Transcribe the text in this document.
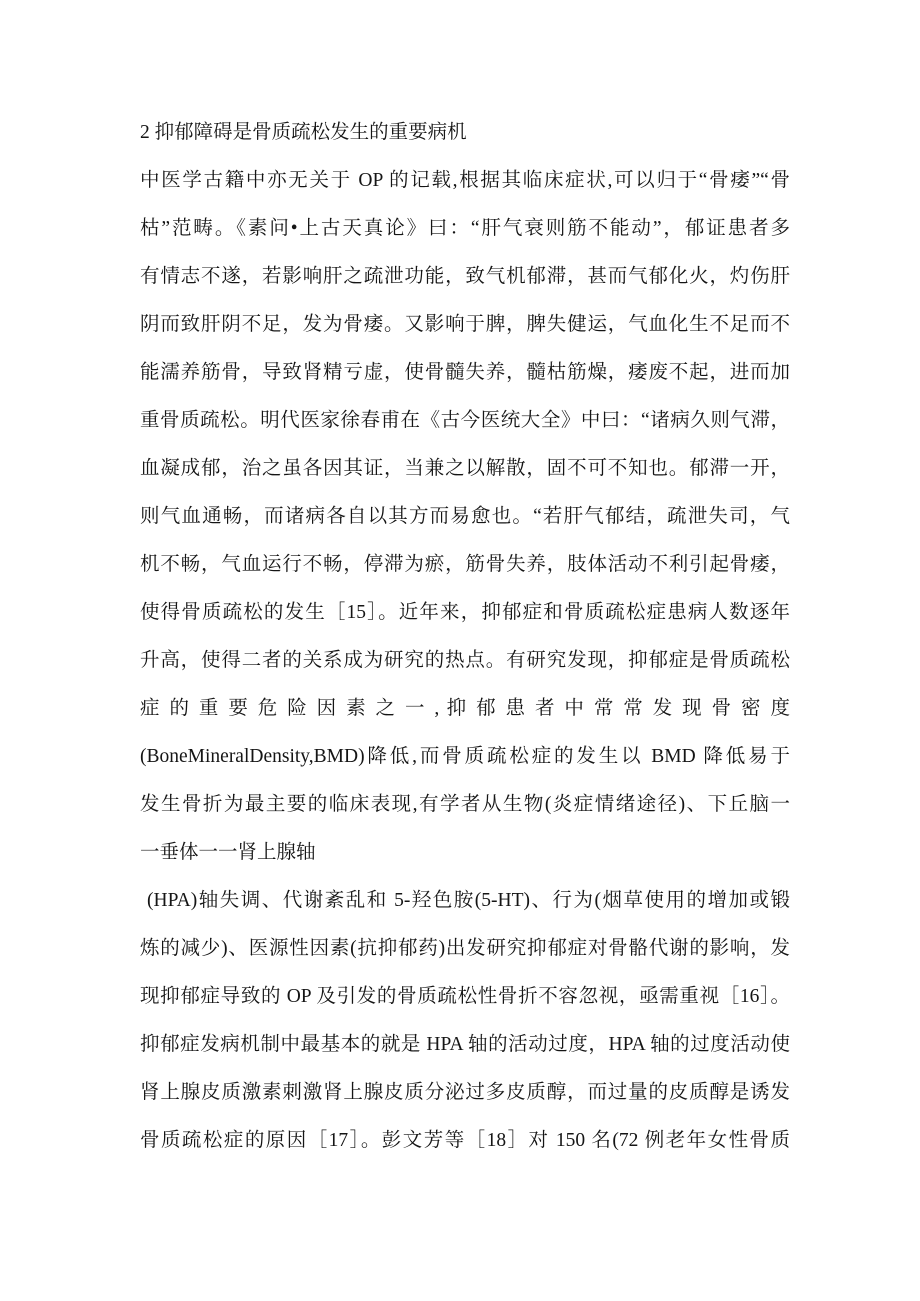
2 抑郁障碍是骨质疏松发生的重要病机
中医学古籍中亦无关于 OP 的记载,根据其临床症状,可以归于“骨痿”“骨
枯”范畴。《素问•上古天真论》曰：“肝气衰则筋不能动”，郁证患者多
有情志不遂，若影响肝之疏泄功能，致气机郁滞，甚而气郁化火，灼伤肝
阴而致肝阴不足，发为骨痿。又影响于脾，脾失健运，气血化生不足而不
能濡养筋骨，导致肾精亏虚，使骨髓失养，髓枯筋燥，痿废不起，进而加
重骨质疏松。明代医家徐春甫在《古今医统大全》中曰：“诸病久则气滞，
血凝成郁，治之虽各因其证，当兼之以解散，固不可不知也。郁滞一开，
则气血通畅，而诸病各自以其方而易愈也。“若肝气郁结，疏泄失司，气
机不畅，气血运行不畅，停滞为瘀，筋骨失养，肢体活动不利引起骨痿，
使得骨质疏松的发生［15］。近年来，抑郁症和骨质疏松症患病人数逐年
升高，使得二者的关系成为研究的热点。有研究发现，抑郁症是骨质疏松
症 的 重 要 危 险 因 素 之 一 , 抑 郁 患 者 中 常 常 发 现 骨 密 度
(BoneMineralDensity,BMD)降低,而骨质疏松症的发生以 BMD 降低易于
发生骨折为最主要的临床表现,有学者从生物(炎症情绪途径)、下丘脑一
一垂体一一肾上腺轴
(HPA)轴失调、代谢紊乱和 5-羟色胺(5-HT)、行为(烟草使用的增加或锻
炼的减少)、医源性因素(抗抑郁药)出发研究抑郁症对骨骼代谢的影响，发
现抑郁症导致的 OP 及引发的骨质疏松性骨折不容忽视，亟需重视［16］。
抑郁症发病机制中最基本的就是 HPA 轴的活动过度，HPA 轴的过度活动使
肾上腺皮质激素刺激肾上腺皮质分泌过多皮质醇，而过量的皮质醇是诱发
骨质疏松症的原因［17］。彭文芳等［18］对 150 名(72 例老年女性骨质
